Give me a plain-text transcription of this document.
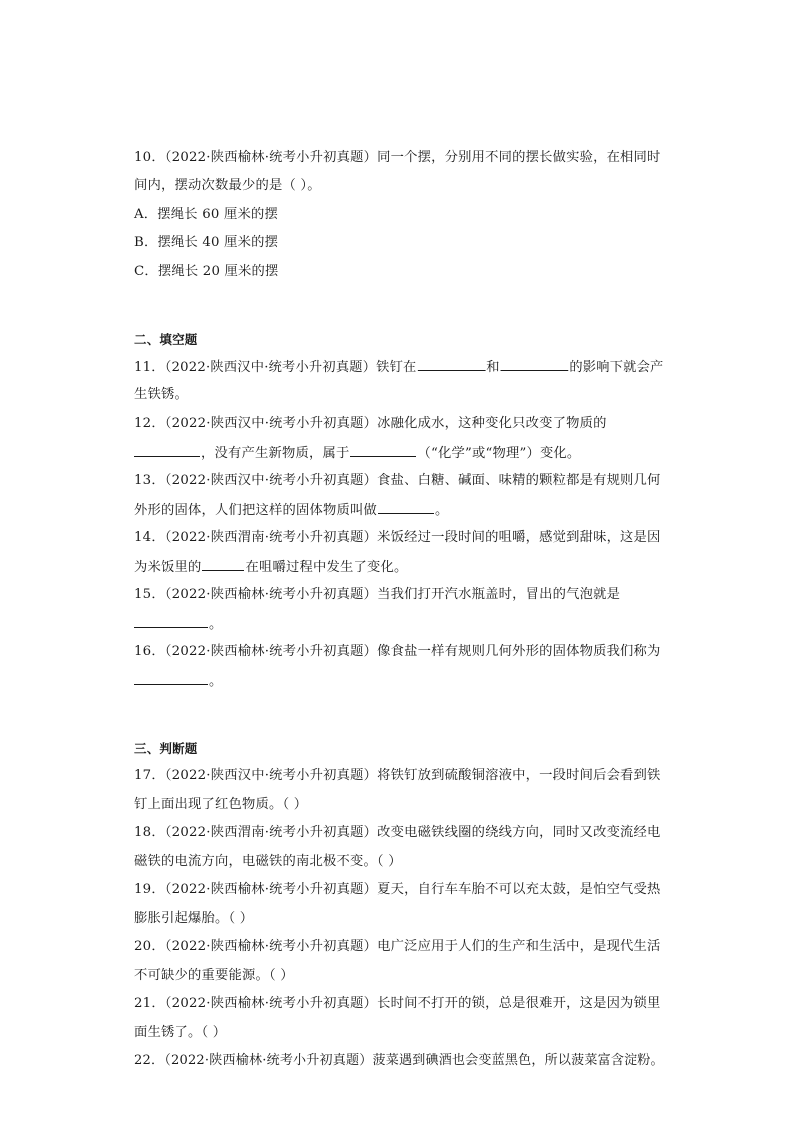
10．（2022·陕西榆林·统考小升初真题）同一个摆，分别用不同的摆长做实验，在相同时
间内，摆动次数最少的是（ ）。
A．摆绳长 60 厘米的摆
B．摆绳长 40 厘米的摆
C．摆绳长 20 厘米的摆
二、填空题
11．（2022·陕西汉中·统考小升初真题）铁钉在	和	的影响下就会产
生铁锈。
12．（2022·陕西汉中·统考小升初真题）冰融化成水，这种变化只改变了物质的
，没有产生新物质，属于	（“化学”或“物理”）变化。
13．（2022·陕西汉中·统考小升初真题）食盐、白糖、碱面、味精的颗粒都是有规则几何
外形的固体，人们把这样的固体物质叫做	。
14．（2022·陕西渭南·统考小升初真题）米饭经过一段时间的咀嚼，感觉到甜味，这是因
为米饭里的	在咀嚼过程中发生了变化。
15．（2022·陕西榆林·统考小升初真题）当我们打开汽水瓶盖时，冒出的气泡就是
。
16．（2022·陕西榆林·统考小升初真题）像食盐一样有规则几何外形的固体物质我们称为
。
三、判断题
17．（2022·陕西汉中·统考小升初真题）将铁钉放到硫酸铜溶液中，一段时间后会看到铁
钉上面出现了红色物质。（ ）
18．（2022·陕西渭南·统考小升初真题）改变电磁铁线圈的绕线方向，同时又改变流经电
磁铁的电流方向，电磁铁的南北极不变。（ ）
19．（2022·陕西榆林·统考小升初真题）夏天，自行车车胎不可以充太鼓，是怕空气受热
膨胀引起爆胎。（ ）
20．（2022·陕西榆林·统考小升初真题）电广泛应用于人们的生产和生活中，是现代生活
不可缺少的重要能源。（ ）
21．（2022·陕西榆林·统考小升初真题）长时间不打开的锁，总是很难开，这是因为锁里
面生锈了。（ ）
22．（2022·陕西榆林·统考小升初真题）菠菜遇到碘酒也会变蓝黑色，所以菠菜富含淀粉。
